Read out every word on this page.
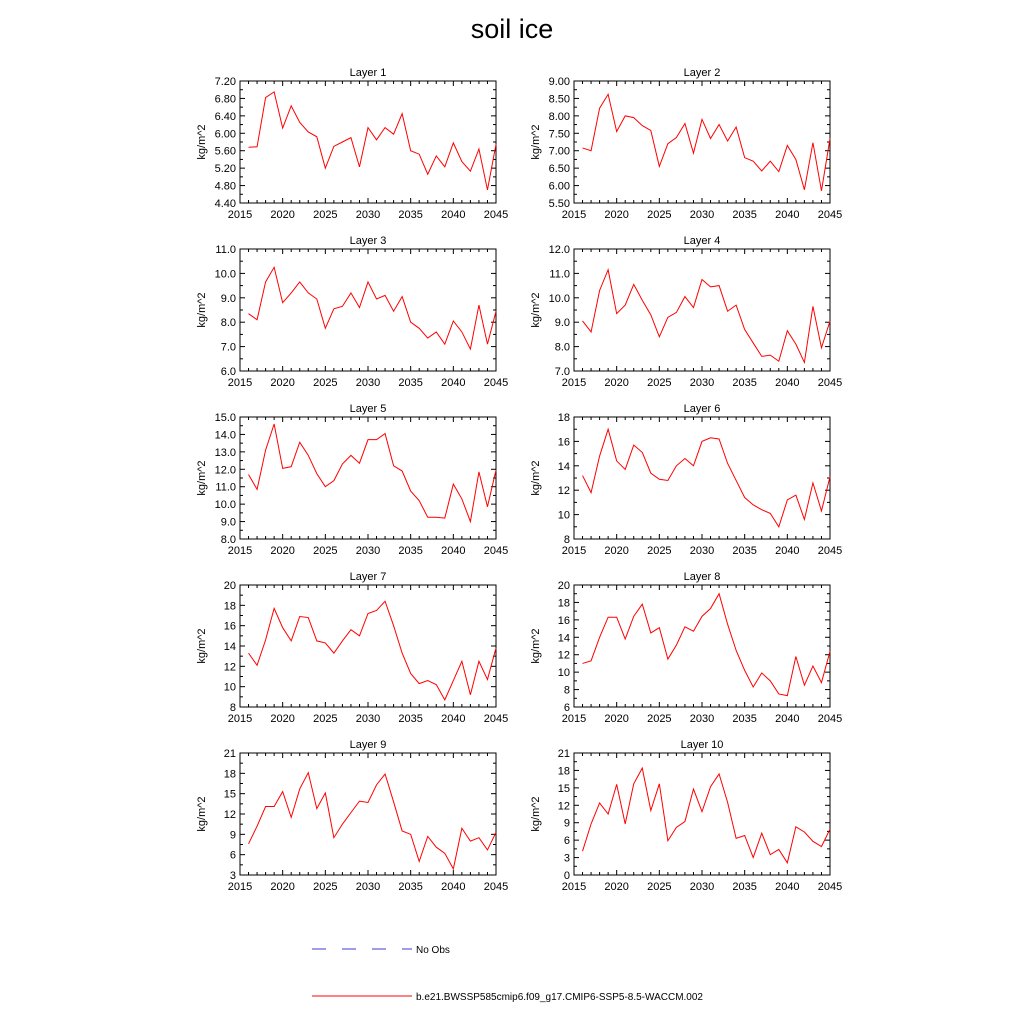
soil ice
Layer 1
kg/m^2
4.40
4.80
5.20
5.60
6.00
6.40
6.80
7.20
2015 2020 2025 2030 2035 2040 2045
Layer 2
kg/m^2
5.50
6.00
6.50
7.00
7.50
8.00
8.50
9.00
2015 2020 2025 2030 2035 2040 2045
Layer 3
kg/m^2
6.0
7.0
8.0
9.0
10.0
11.0
2015 2020 2025 2030 2035 2040 2045
Layer 4
kg/m^2
7.0
8.0
9.0
10.0
11.0
12.0
2015 2020 2025 2030 2035 2040 2045
Layer 5
kg/m^2
8.0
9.0
10.0
11.0
12.0
13.0
14.0
15.0
2015 2020 2025 2030 2035 2040 2045
Layer 6
kg/m^2
8
10
12
14
16
18
2015 2020 2025 2030 2035 2040 2045
Layer 7
kg/m^2
8
10
12
14
16
18
20
2015 2020 2025 2030 2035 2040 2045
Layer 8
kg/m^2
6
8
10
12
14
16
18
20
2015 2020 2025 2030 2035 2040 2045
Layer 9
kg/m^2
3
6
9
12
15
18
21
2015 2020 2025 2030 2035 2040 2045
Layer 10
kg/m^2
0
3
6
9
12
15
18
21
2015 2020 2025 2030 2035 2040 2045
No Obs
b.e21.BWSSP585cmip6.f09_g17.CMIP6-SSP5-8.5-WACCM.002
